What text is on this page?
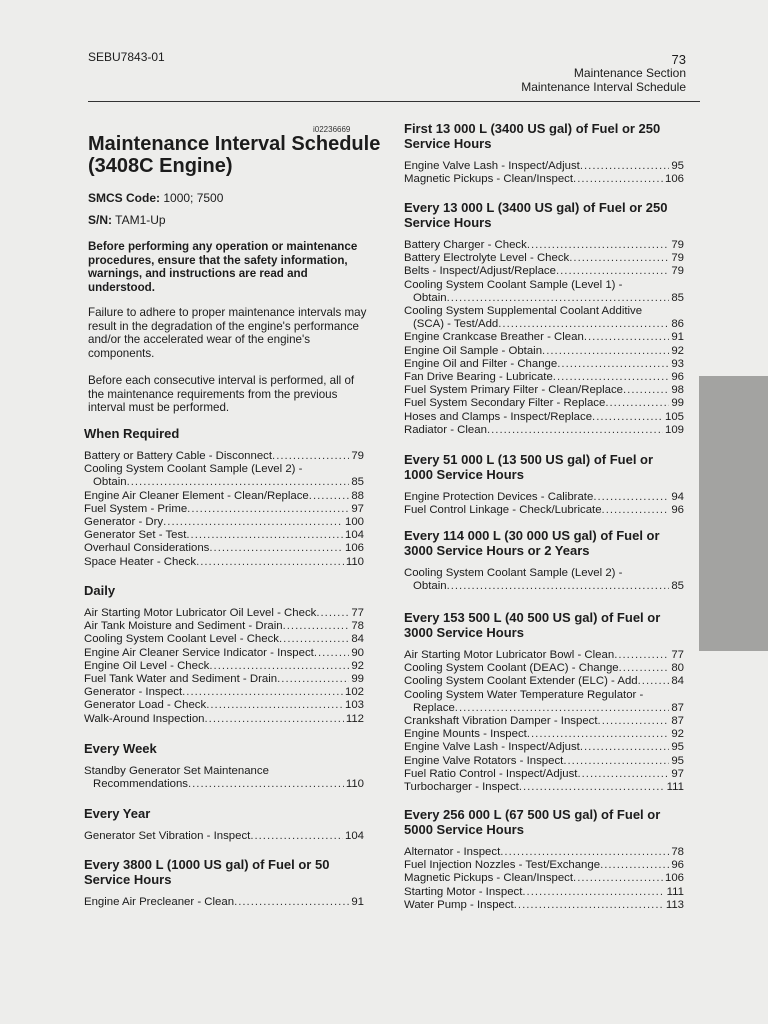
SEBU7843-01	73
Maintenance Section
Maintenance Interval Schedule
i02236669
Maintenance Interval Schedule (3408C Engine)
SMCS Code: 1000; 7500
S/N: TAM1-Up

Before performing any operation or maintenance procedures, ensure that the safety information, warnings, and instructions are read and understood.

Failure to adhere to proper maintenance intervals may result in the degradation of the engine's performance and/or the accelerated wear of the engine's components.

Before each consecutive interval is performed, all of the maintenance requirements from the previous interval must be performed.

When Required
Battery or Battery Cable - Disconnect .....	79
Cooling System Coolant Sample (Level 2) -
Obtain .....	85
Engine Air Cleaner Element - Clean/Replace .....	88
Fuel System - Prime .....	97
Generator - Dry .....	100
Generator Set - Test .....	104
Overhaul Considerations .....	106
Space Heater - Check .....	110
Daily
Air Starting Motor Lubricator Oil Level - Check .....	77
Air Tank Moisture and Sediment - Drain .....	78
Cooling System Coolant Level - Check .....	84
Engine Air Cleaner Service Indicator - Inspect .....	90
Engine Oil Level - Check .....	92
Fuel Tank Water and Sediment - Drain .....	99
Generator - Inspect .....	102
Generator Load - Check .....	103
Walk-Around Inspection .....	112
Every Week
Standby Generator Set Maintenance
Recommendations .....	110
Every Year
Generator Set Vibration - Inspect .....	104
Every 3800 L (1000 US gal) of Fuel or 50 Service Hours
Engine Air Precleaner - Clean .....	91
First 13 000 L (3400 US gal) of Fuel or 250 Service Hours
Engine Valve Lash - Inspect/Adjust .....	95
Magnetic Pickups - Clean/Inspect .....	106
Every 13 000 L (3400 US gal) of Fuel or 250 Service Hours
Battery Charger - Check .....	79
Battery Electrolyte Level - Check .....	79
Belts - Inspect/Adjust/Replace .....	79
Cooling System Coolant Sample (Level 1) -
Obtain .....	85
Cooling System Supplemental Coolant Additive
(SCA) - Test/Add .....	86
Engine Crankcase Breather - Clean .....	91
Engine Oil Sample - Obtain .....	92
Engine Oil and Filter - Change .....	93
Fan Drive Bearing - Lubricate .....	96
Fuel System Primary Filter - Clean/Replace .....	98
Fuel System Secondary Filter - Replace .....	99
Hoses and Clamps - Inspect/Replace .....	105
Radiator - Clean .....	109
Every 51 000 L (13 500 US gal) of Fuel or 1000 Service Hours
Engine Protection Devices - Calibrate .....	94
Fuel Control Linkage - Check/Lubricate .....	96
Every 114 000 L (30 000 US gal) of Fuel or 3000 Service Hours or 2 Years
Cooling System Coolant Sample (Level 2) -
Obtain .....	85
Every 153 500 L (40 500 US gal) of Fuel or 3000 Service Hours
Air Starting Motor Lubricator Bowl - Clean .....	77
Cooling System Coolant (DEAC) - Change .....	80
Cooling System Coolant Extender (ELC) - Add .....	84
Cooling System Water Temperature Regulator -
Replace .....	87
Crankshaft Vibration Damper - Inspect .....	87
Engine Mounts - Inspect .....	92
Engine Valve Lash - Inspect/Adjust .....	95
Engine Valve Rotators - Inspect .....	95
Fuel Ratio Control - Inspect/Adjust .....	97
Turbocharger - Inspect .....	111
Every 256 000 L (67 500 US gal) of Fuel or 5000 Service Hours
Alternator - Inspect .....	78
Fuel Injection Nozzles - Test/Exchange .....	96
Magnetic Pickups - Clean/Inspect .....	106
Starting Motor - Inspect .....	111
Water Pump - Inspect .....	113
